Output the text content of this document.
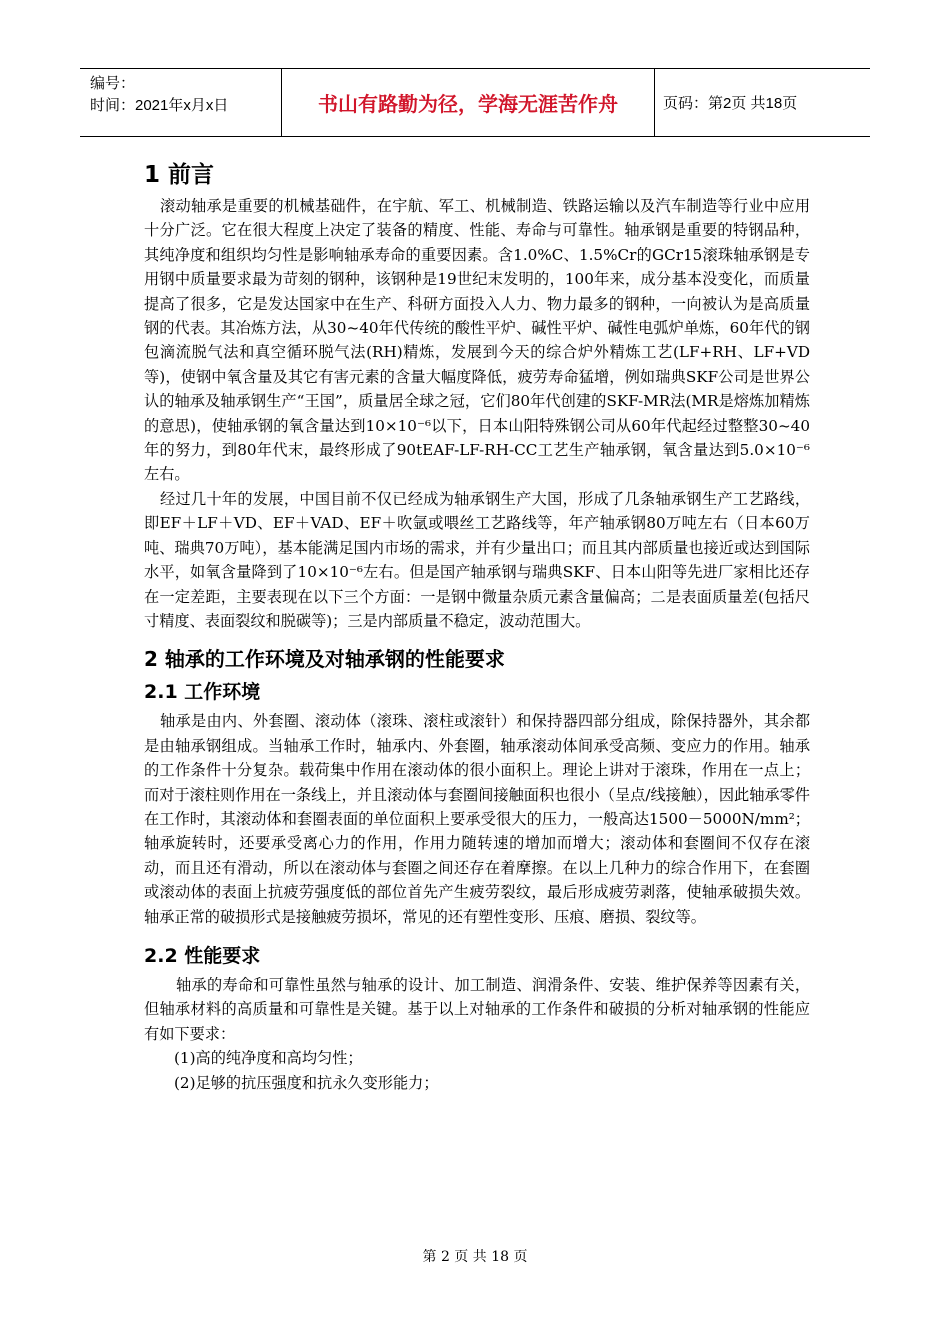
编号：
时间：2021年x月x日	书山有路勤为径，学海无涯苦作舟	页码：第2页 共18页
1 前言

滚动轴承是重要的机械基础件，在宇航、军工、机械制造、铁路运输以及汽车制造等行业中应用十分广泛。它在很大程度上决定了装备的精度、性能、寿命与可靠性。轴承钢是重要的特钢品种，其纯净度和组织均匀性是影响轴承寿命的重要因素。含1.0%C、1.5%Cr的GCr15滚珠轴承钢是专用钢中质量要求最为苛刻的钢种，该钢种是19世纪末发明的，100年来，成分基本没变化，而质量提高了很多，它是发达国家中在生产、科研方面投入人力、物力最多的钢种，一向被认为是高质量钢的代表。其冶炼方法，从30~40年代传统的酸性平炉、碱性平炉、碱性电弧炉单炼，60年代的钢包滴流脱气法和真空循环脱气法(RH)精炼，发展到今天的综合炉外精炼工艺(LF+RH、LF+VD等)，使钢中氧含量及其它有害元素的含量大幅度降低，疲劳寿命猛增，例如瑞典SKF公司是世界公认的轴承及轴承钢生产“王国”，质量居全球之冠，它们80年代创建的SKF-MR法(MR是熔炼加精炼的意思)，使轴承钢的氧含量达到10×10⁻⁶以下，日本山阳特殊钢公司从60年代起经过整整30~40年的努力，到80年代末，最终形成了90tEAF-LF-RH-CC工艺生产轴承钢，氧含量达到5.0×10⁻⁶左右。

经过几十年的发展，中国目前不仅已经成为轴承钢生产大国，形成了几条轴承钢生产工艺路线，即EF＋LF＋VD、EF＋VAD、EF＋吹氩或喂丝工艺路线等，年产轴承钢80万吨左右（日本60万吨、瑞典70万吨），基本能满足国内市场的需求，并有少量出口；而且其内部质量也接近或达到国际水平，如氧含量降到了10×10⁻⁶左右。但是国产轴承钢与瑞典SKF、日本山阳等先进厂家相比还存在一定差距，主要表现在以下三个方面：一是钢中微量杂质元素含量偏高；二是表面质量差(包括尺寸精度、表面裂纹和脱碳等)；三是内部质量不稳定，波动范围大。

2 轴承的工作环境及对轴承钢的性能要求
2.1 工作环境

轴承是由内、外套圈、滚动体（滚珠、滚柱或滚针）和保持器四部分组成，除保持器外，其余都是由轴承钢组成。当轴承工作时，轴承内、外套圈，轴承滚动体间承受高频、变应力的作用。轴承的工作条件十分复杂。载荷集中作用在滚动体的很小面积上。理论上讲对于滚珠，作用在一点上；而对于滚柱则作用在一条线上，并且滚动体与套圈间接触面积也很小（呈点/线接触），因此轴承零件在工作时，其滚动体和套圈表面的单位面积上要承受很大的压力，一般高达1500－5000N/mm²；轴承旋转时，还要承受离心力的作用，作用力随转速的增加而增大；滚动体和套圈间不仅存在滚动，而且还有滑动，所以在滚动体与套圈之间还存在着摩擦。在以上几种力的综合作用下，在套圈或滚动体的表面上抗疲劳强度低的部位首先产生疲劳裂纹，最后形成疲劳剥落，使轴承破损失效。轴承正常的破损形式是接触疲劳损坏，常见的还有塑性变形、压痕、磨损、裂纹等。

2.2 性能要求

轴承的寿命和可靠性虽然与轴承的设计、加工制造、润滑条件、安装、维护保养等因素有关，但轴承材料的高质量和可靠性是关键。基于以上对轴承的工作条件和破损的分析对轴承钢的性能应有如下要求：

(1)高的纯净度和高均匀性；

(2)足够的抗压强度和抗永久变形能力；

第 2 页 共 18 页
